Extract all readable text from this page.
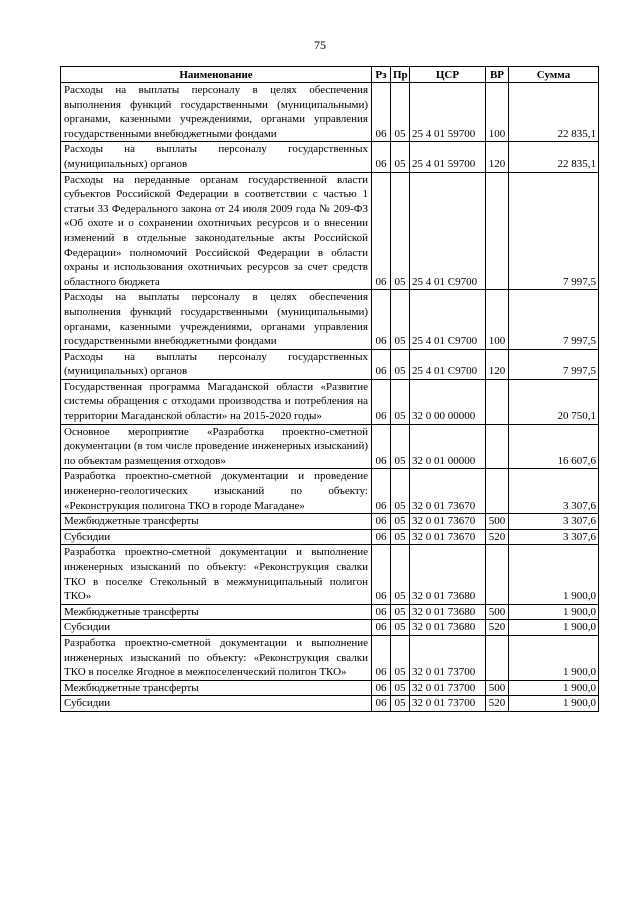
75
Наименование	Рз	Пр	ЦСР	ВР	Сумма
Расходы на выплаты персоналу в целях обеспечения выполнения функций государственными (муниципальными) органами, казенными учреждениями, органами управления государственными внебюджетными фондами	06	05	25 4 01 59700	100	22 835,1
Расходы на выплаты персоналу государственных (муниципальных) органов	06	05	25 4 01 59700	120	22 835,1
Расходы на переданные органам государственной власти субъектов Российской Федерации в соответствии с частью 1 статьи 33 Федерального закона от 24 июля 2009 года № 209-ФЗ «Об охоте и о сохранении охотничьих ресурсов и о внесении изменений в отдельные законодательные акты Российской Федерации» полномочий Российской Федерации в области охраны и использования охотничьих ресурсов за счет средств областного бюджета	06	05	25 4 01 С9700		7 997,5
Расходы на выплаты персоналу в целях обеспечения выполнения функций государственными (муниципальными) органами, казенными учреждениями, органами управления государственными внебюджетными фондами	06	05	25 4 01 С9700	100	7 997,5
Расходы на выплаты персоналу государственных (муниципальных) органов	06	05	25 4 01 С9700	120	7 997,5
Государственная программа Магаданской области «Развитие системы обращения с отходами производства и потребления на территории Магаданской области» на 2015-2020 годы»	06	05	32 0 00 00000		20 750,1
Основное мероприятие «Разработка проектно-сметной документации (в том числе проведение инженерных изысканий) по объектам размещения отходов»	06	05	32 0 01 00000		16 607,6
Разработка проектно-сметной документации и проведение инженерно-геологических изысканий по объекту: «Реконструкция полигона ТКО в городе Магадане»	06	05	32 0 01 73670		3 307,6
Межбюджетные трансферты	06	05	32 0 01 73670	500	3 307,6
Субсидии	06	05	32 0 01 73670	520	3 307,6
Разработка проектно-сметной документации и выполнение инженерных изысканий по объекту: «Реконструкция свалки ТКО в поселке Стекольный в межмуниципальный полигон ТКО»	06	05	32 0 01 73680		1 900,0
Межбюджетные трансферты	06	05	32 0 01 73680	500	1 900,0
Субсидии	06	05	32 0 01 73680	520	1 900,0
Разработка проектно-сметной документации и выполнение инженерных изысканий по объекту: «Реконструкция свалки ТКО в поселке Ягодное в межпоселенческий полигон ТКО»	06	05	32 0 01 73700		1 900,0
Межбюджетные трансферты	06	05	32 0 01 73700	500	1 900,0
Субсидии	06	05	32 0 01 73700	520	1 900,0
